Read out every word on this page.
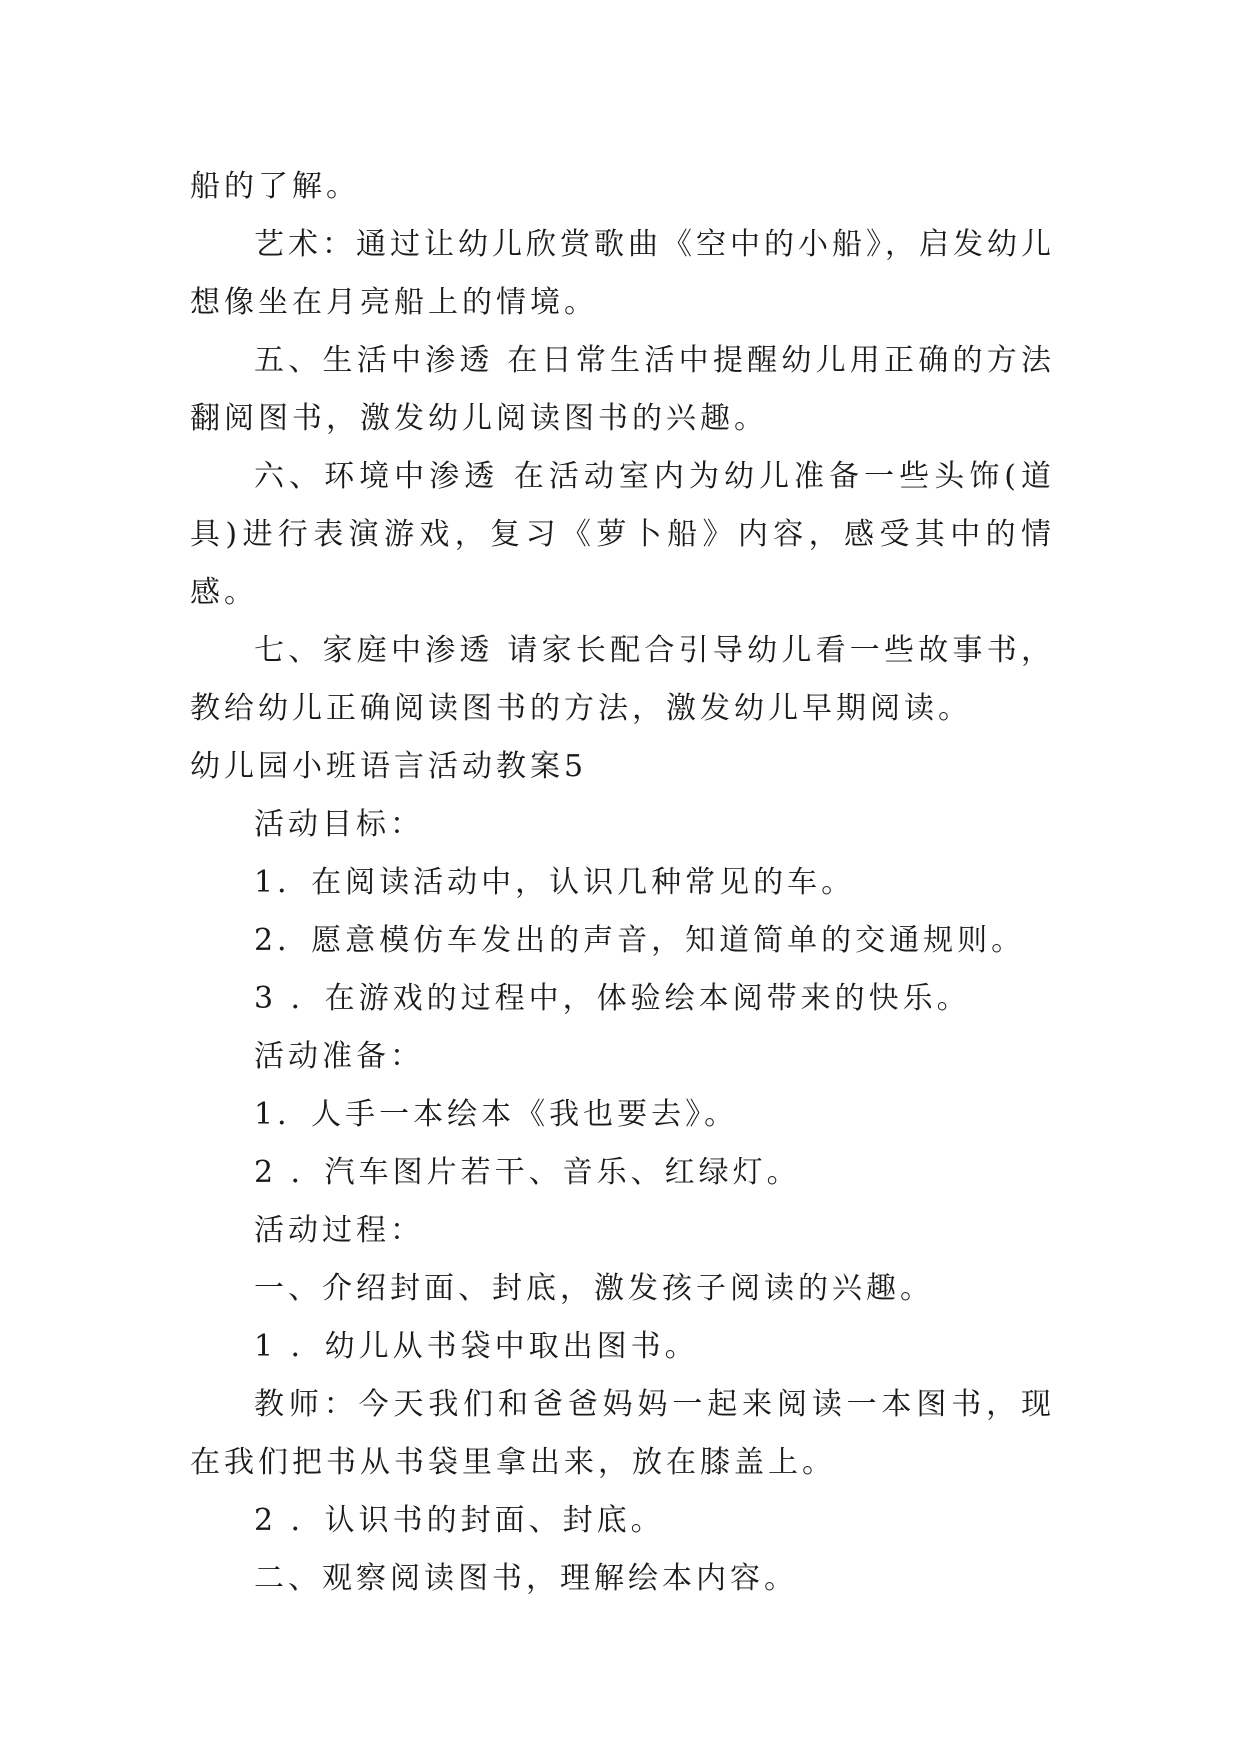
船的了解。

艺术：通过让幼儿欣赏歌曲《空中的小船》，启发幼儿想像坐在月亮船上的情境。

五、生活中渗透 在日常生活中提醒幼儿用正确的方法翻阅图书，激发幼儿阅读图书的兴趣。

六、环境中渗透 在活动室内为幼儿准备一些头饰(道具)进行表演游戏，复习《萝卜船》内容，感受其中的情感。

七、家庭中渗透 请家长配合引导幼儿看一些故事书，教给幼儿正确阅读图书的方法，激发幼儿早期阅读。

幼儿园小班语言活动教案5

活动目标：

1．在阅读活动中，认识几种常见的车。

2．愿意模仿车发出的声音，知道简单的交通规则。

3 ．在游戏的过程中，体验绘本阅带来的快乐。

活动准备：

1．人手一本绘本《我也要去》。

2 ．汽车图片若干、音乐、红绿灯。

活动过程：

一、介绍封面、封底，激发孩子阅读的兴趣。

1 ．幼儿从书袋中取出图书。

教师：今天我们和爸爸妈妈一起来阅读一本图书，现在我们把书从书袋里拿出来，放在膝盖上。

2 ．认识书的封面、封底。

二、观察阅读图书，理解绘本内容。
